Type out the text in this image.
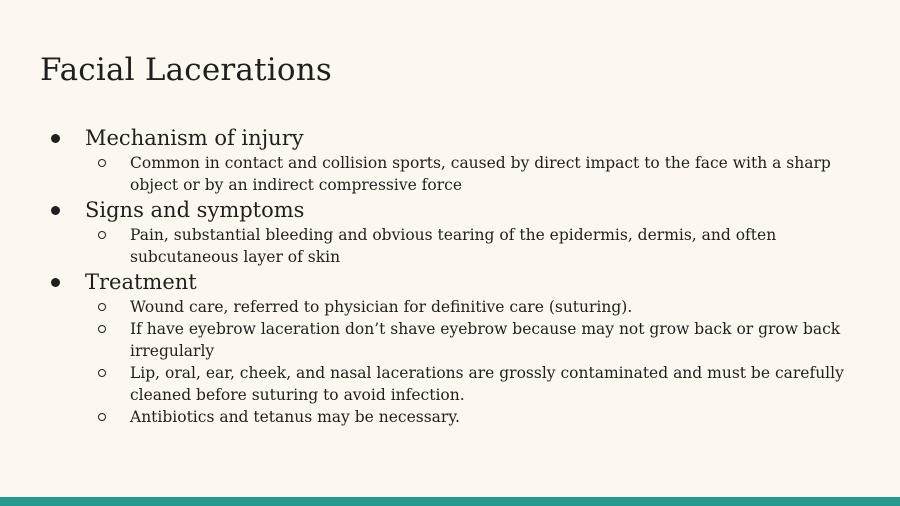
Facial Lacerations
Mechanism of injury
Common in contact and collision sports, caused by direct impact to the face with a sharp object or by an indirect compressive force
Signs and symptoms
Pain, substantial bleeding and obvious tearing of the epidermis, dermis, and often subcutaneous layer of skin
Treatment
Wound care, referred to physician for definitive care (suturing).
If have eyebrow laceration don’t shave eyebrow because may not grow back or grow back irregularly
Lip, oral, ear, cheek, and nasal lacerations are grossly contaminated and must be carefully cleaned before suturing to avoid infection.
Antibiotics and tetanus may be necessary.
